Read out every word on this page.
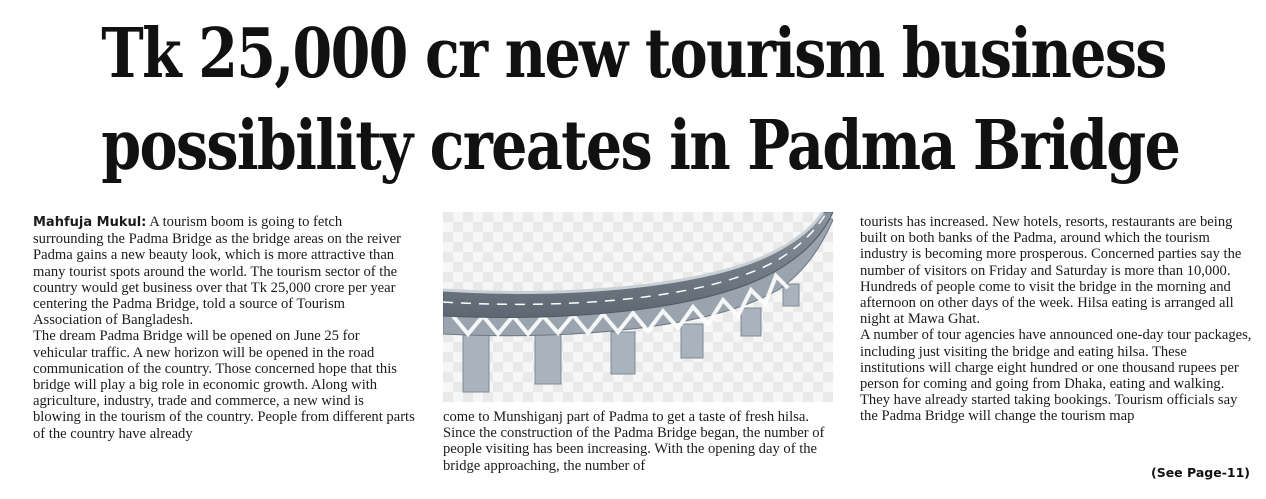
Tk 25,000 cr new tourism business
possibility creates in Padma Bridge

Mahfuja Mukul: A tourism boom is going to fetch surrounding the Padma Bridge as the bridge areas on the reiver Padma gains a new beauty look, which is more attractive than many tourist spots around the world. The tourism sector of the country would get business over that Tk 25,000 crore per year centering the Padma Bridge, told a source of Tourism Association of Bangladesh.

The dream Padma Bridge will be opened on June 25 for vehicular traffic. A new horizon will be opened in the road communication of the country. Those concerned hope that this bridge will play a big role in economic growth. Along with agriculture, industry, trade and commerce, a new wind is blowing in the tourism of the country. People from different parts of the country have already

come to Munshiganj part of Padma to get a taste of fresh hilsa. Since the construction of the Padma Bridge began, the number of people visiting has been increasing. With the opening day of the bridge approaching, the number of

tourists has increased. New hotels, resorts, restaurants are being built on both banks of the Padma, around which the tourism industry is becoming more prosperous. Concerned parties say the number of visitors on Friday and Saturday is more than 10,000. Hundreds of people come to visit the bridge in the morning and afternoon on other days of the week. Hilsa eating is arranged all night at Mawa Ghat.

A number of tour agencies have announced one-day tour packages, including just visiting the bridge and eating hilsa. These institutions will charge eight hundred or one thousand rupees per person for coming and going from Dhaka, eating and walking. They have already started taking bookings. Tourism officials say the Padma Bridge will change the tourism map

(See Page-11)
